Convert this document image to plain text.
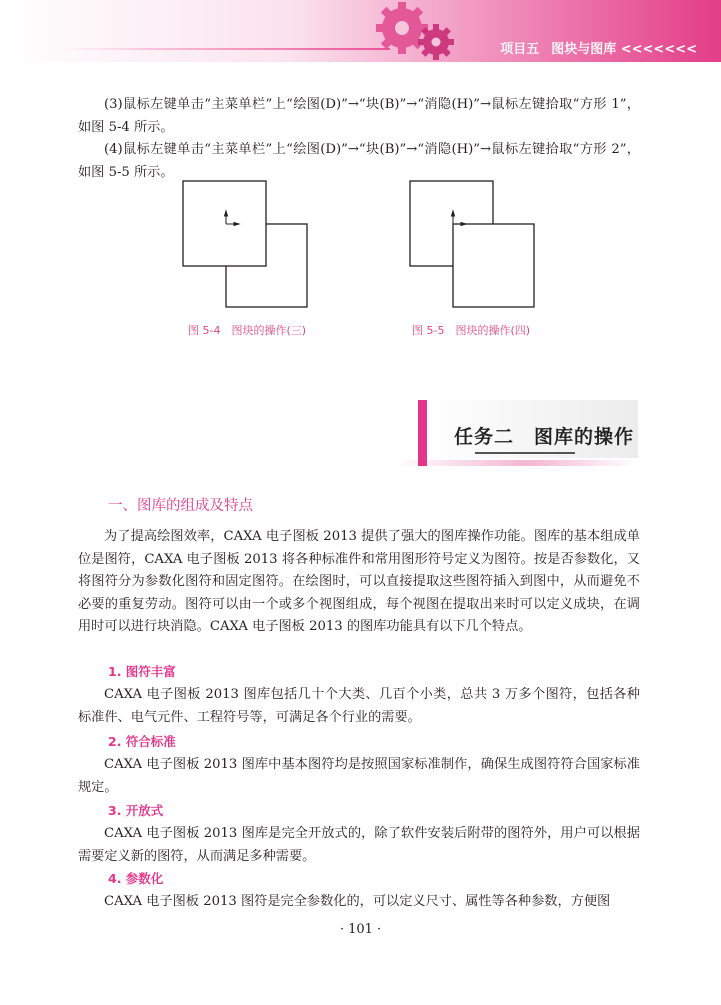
项目五 图块与图库 <<<<<<<
(3)鼠标左键单击“主菜单栏”上“绘图(D)”→“块(B)”→“消隐(H)”→鼠标左键拾取“方形 1”，如图 5-4 所示。
(4)鼠标左键单击“主菜单栏”上“绘图(D)”→“块(B)”→“消隐(H)”→鼠标左键拾取“方形 2”，如图 5-5 所示。
图 5-4　图块的操作(三)	图 5-5　图块的操作(四)
任务二　图库的操作
一、图库的组成及特点
为了提高绘图效率，CAXA 电子图板 2013 提供了强大的图库操作功能。图库的基本组成单位是图符，CAXA 电子图板 2013 将各种标准件和常用图形符号定义为图符。按是否参数化，又将图符分为参数化图符和固定图符。在绘图时，可以直接提取这些图符插入到图中，从而避免不必要的重复劳动。图符可以由一个或多个视图组成，每个视图在提取出来时可以定义成块，在调用时可以进行块消隐。CAXA 电子图板 2013 的图库功能具有以下几个特点。
1. 图符丰富
CAXA 电子图板 2013 图库包括几十个大类、几百个小类，总共 3 万多个图符，包括各种标准件、电气元件、工程符号等，可满足各个行业的需要。
2. 符合标准
CAXA 电子图板 2013 图库中基本图符均是按照国家标准制作，确保生成图符符合国家标准规定。
3. 开放式
CAXA 电子图板 2013 图库是完全开放式的，除了软件安装后附带的图符外，用户可以根据需要定义新的图符，从而满足多种需要。
4. 参数化
CAXA 电子图板 2013 图符是完全参数化的，可以定义尺寸、属性等各种参数，方便图
· 101 ·
